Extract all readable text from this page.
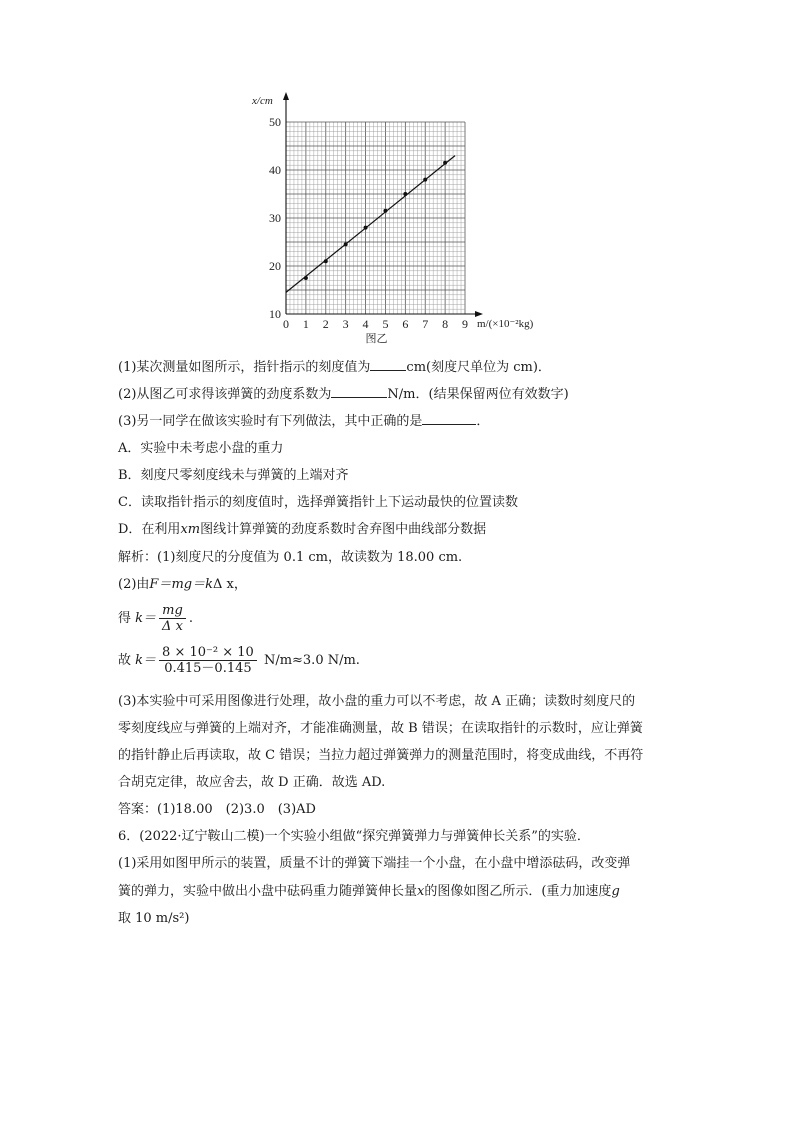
0 1 2 3 4 5 6 7 8 9
10
20
30
40
50
x/cm
m/(×10⁻²kg)
图乙
(1)某次测量如图所示，指针指示的刻度值为	cm(刻度尺单位为 cm)．
(2)从图乙可求得该弹簧的劲度系数为	N/m．(结果保留两位有效数字)
(3)另一同学在做该实验时有下列做法，其中正确的是	．
A．实验中未考虑小盘的重力
B．刻度尺零刻度线未与弹簧的上端对齐
C．读取指针指示的刻度值时，选择弹簧指针上下运动最快的位置读数
D．在利用xm图线计算弹簧的劲度系数时舍弃图中曲线部分数据
解析：(1)刻度尺的分度值为 0.1 cm，故读数为 18.00 cm.
(2)由F＝mg＝kΔ x，
得 $k= \frac{mg}{\text{Δ x}}$ .
故 $k= \frac{\text{8 × 10⁻² × 10}}{0.415-0.145} N/m\approx 3.0$ N/m.
(3)本实验中可采用图像进行处理，故小盘的重力可以不考虑，故 A 正确；读数时刻度尺的
零刻度线应与弹簧的上端对齐，才能准确测量，故 B 错误；在读取指针的示数时，应让弹簧
的指针静止后再读取，故 C 错误；当拉力超过弹簧弹力的测量范围时，将变成曲线，不再符
合胡克定律，故应舍去，故 D 正确．故选 AD.
答案：(1)18.00　(2)3.0　(3)AD
6．(2022·辽宁鞍山二模)一个实验小组做“探究弹簧弹力与弹簧伸长关系”的实验．
(1)采用如图甲所示的装置，质量不计的弹簧下端挂一个小盘，在小盘中增添砝码，改变弹
簧的弹力，实验中做出小盘中砝码重力随弹簧伸长量x的图像如图乙所示．(重力加速度g
取 10 m/s²)
